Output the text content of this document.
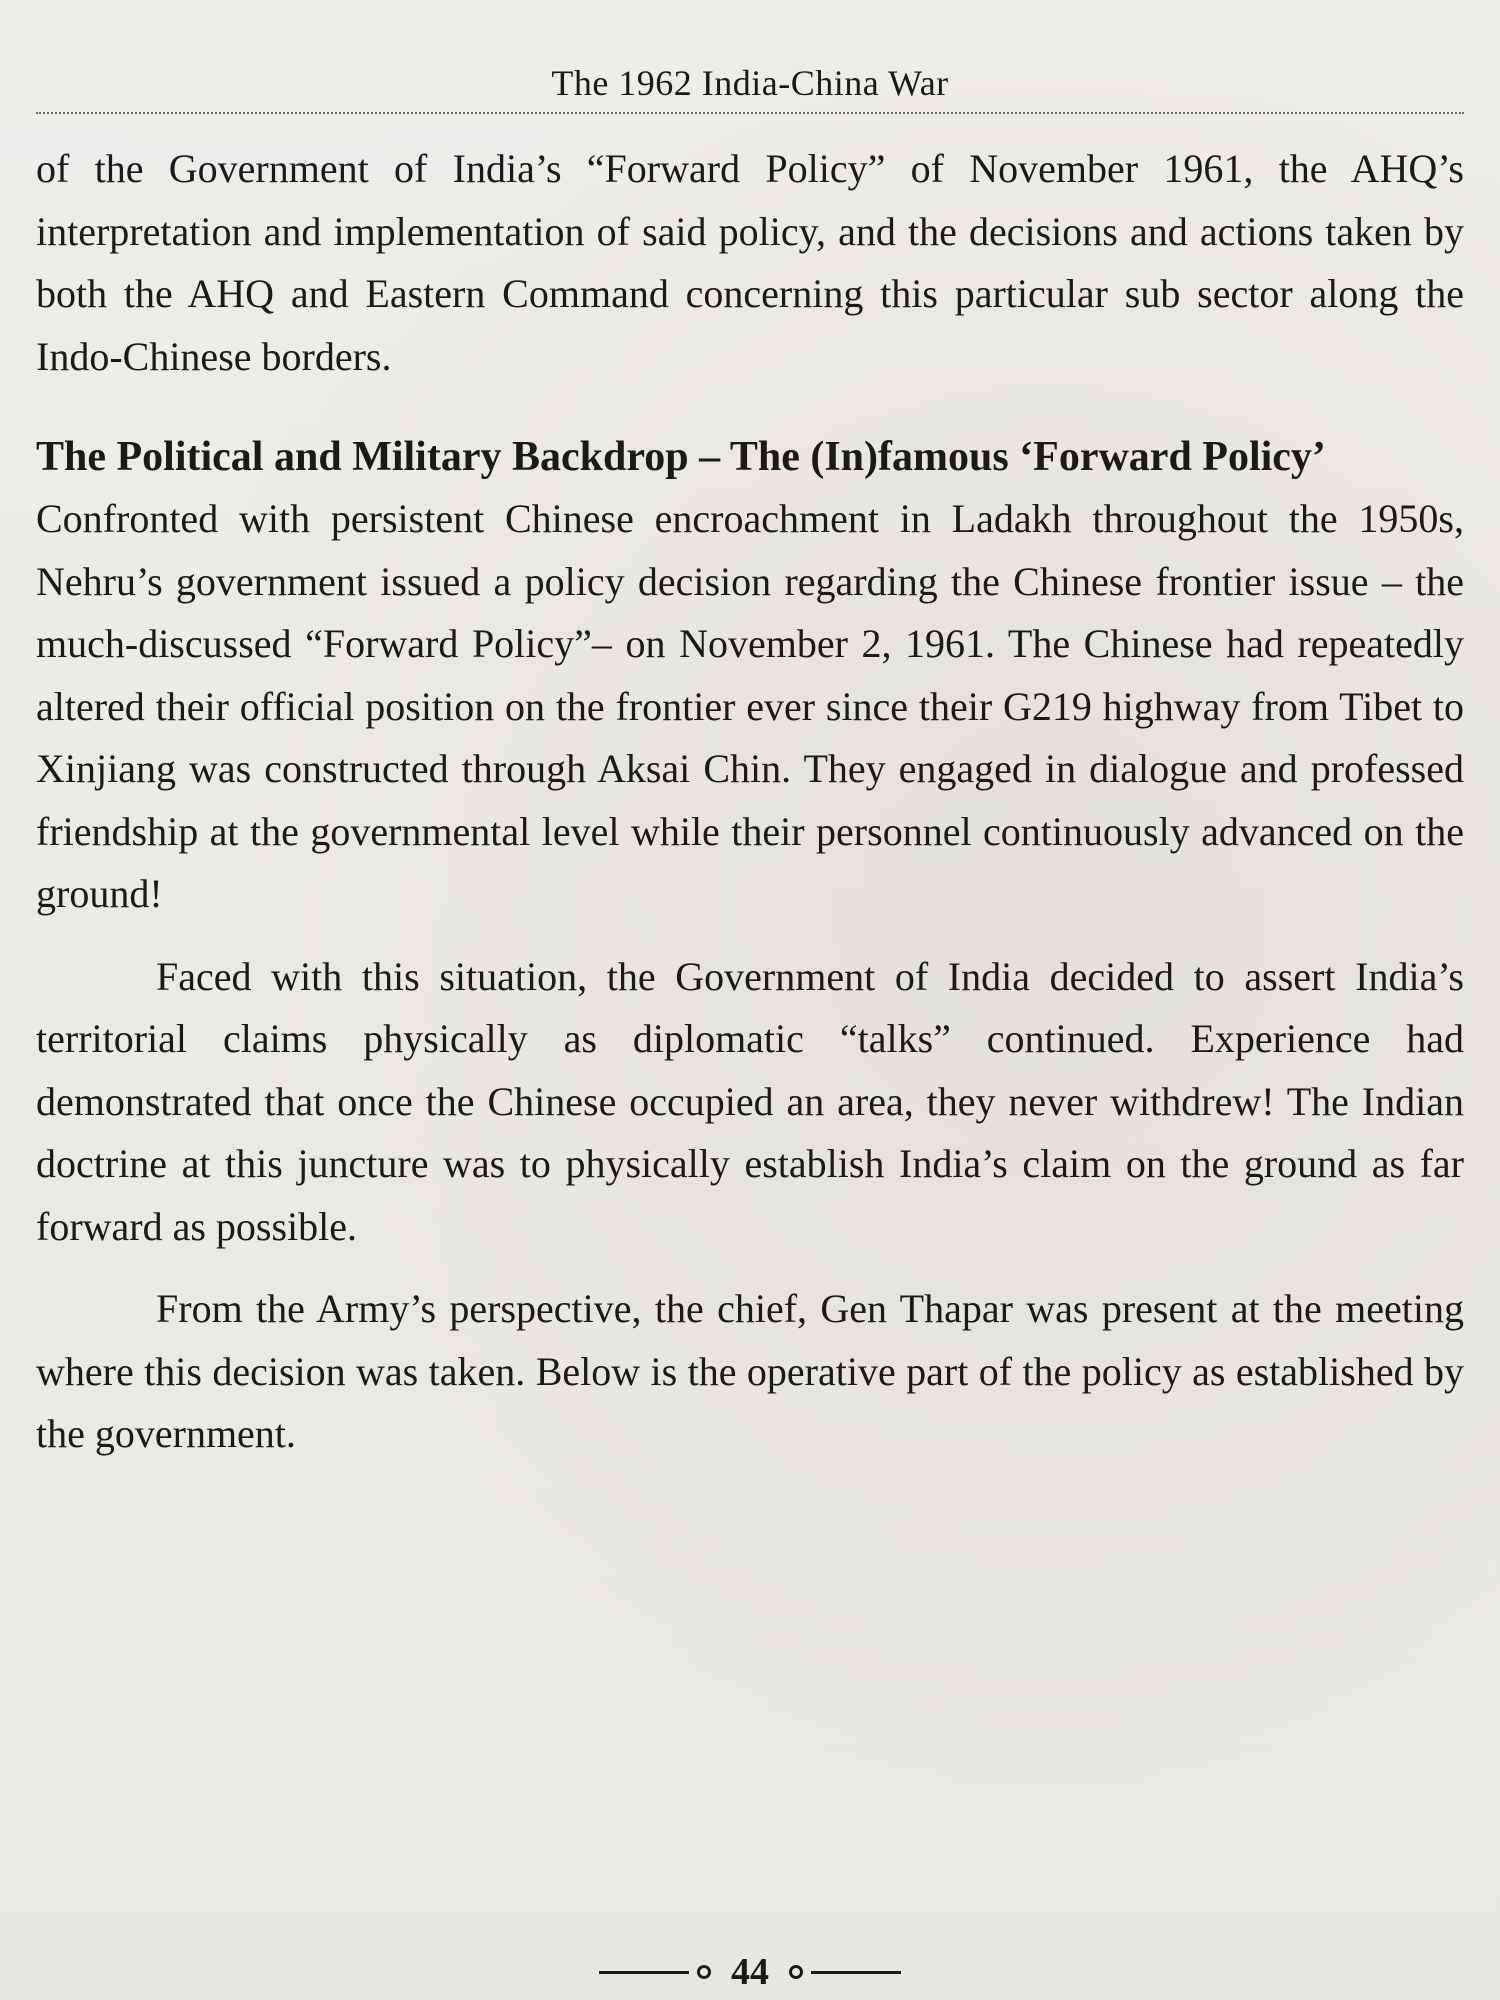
The 1962 India-China War

of the Government of India’s “Forward Policy” of November 1961, the AHQ’s interpretation and implementation of said policy, and the decisions and actions taken by both the AHQ and Eastern Command concerning this particular sub sector along the Indo-Chinese borders.

The Political and Military Backdrop – The (In)famous ‘Forward Policy’

Confronted with persistent Chinese encroachment in Ladakh throughout the 1950s, Nehru’s government issued a policy decision regarding the Chinese frontier issue – the much-discussed “Forward Policy”– on November 2, 1961. The Chinese had repeatedly altered their official position on the frontier ever since their G219 highway from Tibet to Xinjiang was constructed through Aksai Chin. They engaged in dialogue and professed friendship at the governmental level while their personnel continuously advanced on the ground!

Faced with this situation, the Government of India decided to assert India’s territorial claims physically as diplomatic “talks” continued. Experience had demonstrated that once the Chinese occupied an area, they never withdrew! The Indian doctrine at this juncture was to physically establish India’s claim on the ground as far forward as possible.

From the Army’s perspective, the chief, Gen Thapar was present at the meeting where this decision was taken. Below is the operative part of the policy as established by the government.

44
